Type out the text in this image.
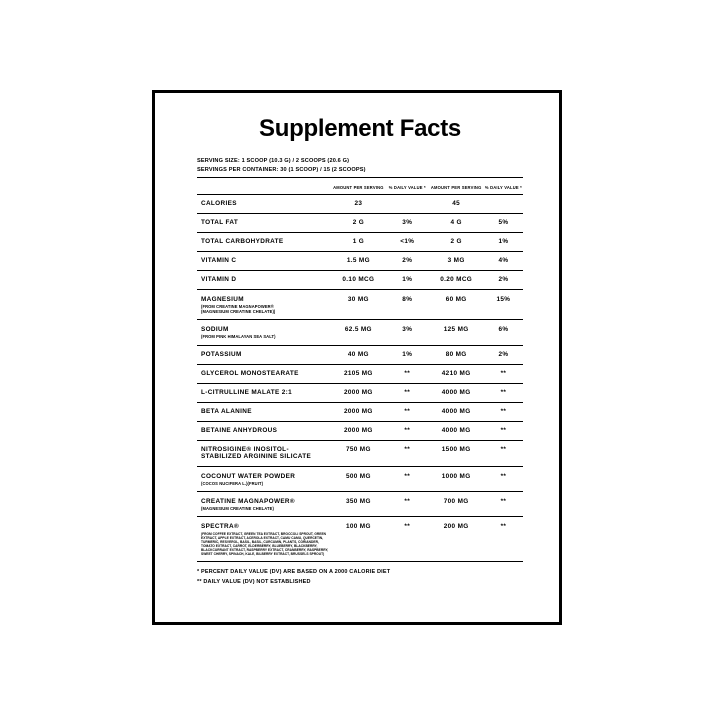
Supplement Facts
SERVING SIZE: 1 SCOOP (10.3 G) / 2 SCOOPS (20.6 G)
SERVINGS PER CONTAINER: 30 (1 SCOOP) / 15 (2 SCOOPS)
	AMOUNT PER SERVING	% DAILY VALUE *	AMOUNT PER SERVING	% DAILY VALUE *
CALORIES	23		45	
TOTAL FAT	2 G	3%	4 G	5%
TOTAL CARBOHYDRATE	1 G	<1%	2 G	1%
VITAMIN C	1.5 MG	2%	3 MG	4%
VITAMIN D	0.10 MCG	1%	0.20 MCG	2%
MAGNESIUM
(FROM CREATINE MAGNAPOWER®
(MAGNESIUM CREATINE CHELATE))	30 MG	8%	60 MG	15%
SODIUM
(FROM PINK HIMALAYAN SEA SALT)	62.5 MG	3%	125 MG	6%
POTASSIUM	40 MG	1%	80 MG	2%
GLYCEROL MONOSTEARATE	2105 MG	**	4210 MG	**
L-CITRULLINE MALATE 2:1	2000 MG	**	4000 MG	**
BETA ALANINE	2000 MG	**	4000 MG	**
BETAINE ANHYDROUS	2000 MG	**	4000 MG	**
NITROSIGINE® INOSITOL-
STABILIZED ARGININE SILICATE	750 MG	**	1500 MG	**
COCONUT WATER POWDER
(COCOS NUCIFERA L.)(FRUIT)	500 MG	**	1000 MG	**
CREATINE MAGNAPOWER®
(MAGNESIUM CREATINE CHELATE)	350 MG	**	700 MG	**
SPECTRA®
(FROM COFFEE EXTRACT, GREEN TEA EXTRACT, BROCCOLI SPROUT, GREEN EXTRACT, APPLE EXTRACT, ACEROLA EXTRACT, CAMU CAMU, QUERCETIN, TURMERIC, RESVEROL, BASIL, BASIL, CURCUMIN, PLANTS, CORIANDER, TOMATO EXTRACT, CARROT, ELDERBERRY, BLUEBERRY, BLACKBERRY, BLACKCURRANT EXTRACT, RASPBERRY EXTRACT, CRANBERRY, RASPBERRY, SWEET CHERRY, SPINACH, KALE, BILBERRY EXTRACT, BRUSSELS SPROUT)	100 MG	**	200 MG	**
* PERCENT DAILY VALUE (DV) ARE BASED ON A 2000 CALORIE DIET
** DAILY VALUE (DV) NOT ESTABLISHED
